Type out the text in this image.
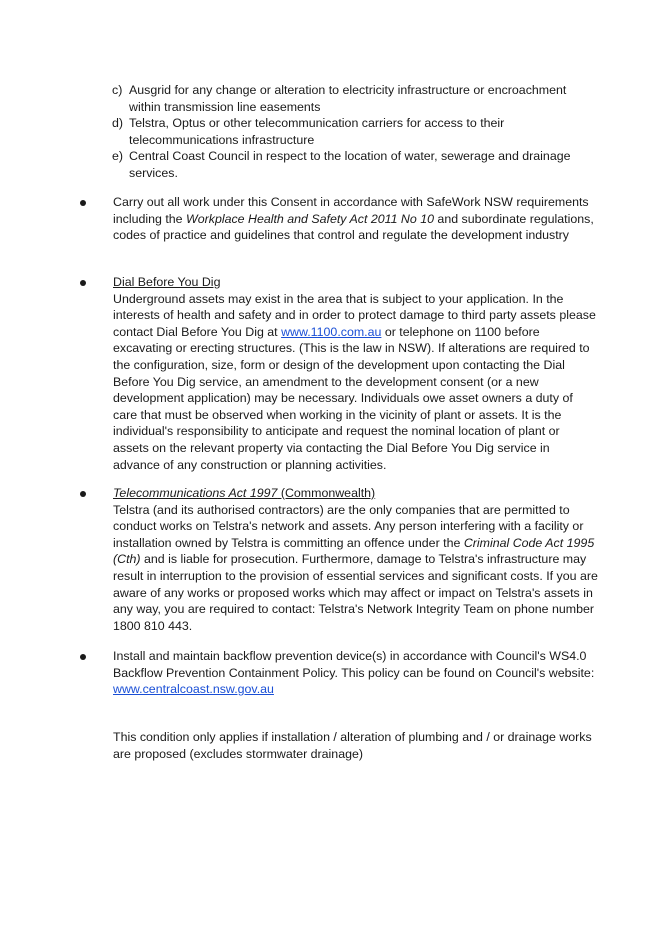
c) Ausgrid for any change or alteration to electricity infrastructure or encroachment within transmission line easements
d) Telstra, Optus or other telecommunication carriers for access to their telecommunications infrastructure
e) Central Coast Council in respect to the location of water, sewerage and drainage services.
Carry out all work under this Consent in accordance with SafeWork NSW requirements including the Workplace Health and Safety Act 2011 No 10 and subordinate regulations, codes of practice and guidelines that control and regulate the development industry
Dial Before You Dig
Underground assets may exist in the area that is subject to your application. In the interests of health and safety and in order to protect damage to third party assets please contact Dial Before You Dig at www.1100.com.au or telephone on 1100 before excavating or erecting structures. (This is the law in NSW). If alterations are required to the configuration, size, form or design of the development upon contacting the Dial Before You Dig service, an amendment to the development consent (or a new development application) may be necessary. Individuals owe asset owners a duty of care that must be observed when working in the vicinity of plant or assets. It is the individual's responsibility to anticipate and request the nominal location of plant or assets on the relevant property via contacting the Dial Before You Dig service in advance of any construction or planning activities.
Telecommunications Act 1997 (Commonwealth)
Telstra (and its authorised contractors) are the only companies that are permitted to conduct works on Telstra's network and assets. Any person interfering with a facility or installation owned by Telstra is committing an offence under the Criminal Code Act 1995 (Cth) and is liable for prosecution. Furthermore, damage to Telstra's infrastructure may result in interruption to the provision of essential services and significant costs. If you are aware of any works or proposed works which may affect or impact on Telstra's assets in any way, you are required to contact: Telstra's Network Integrity Team on phone number 1800 810 443.
Install and maintain backflow prevention device(s) in accordance with Council's WS4.0 Backflow Prevention Containment Policy. This policy can be found on Council's website:
www.centralcoast.nsw.gov.au
This condition only applies if installation / alteration of plumbing and / or drainage works are proposed (excludes stormwater drainage)
